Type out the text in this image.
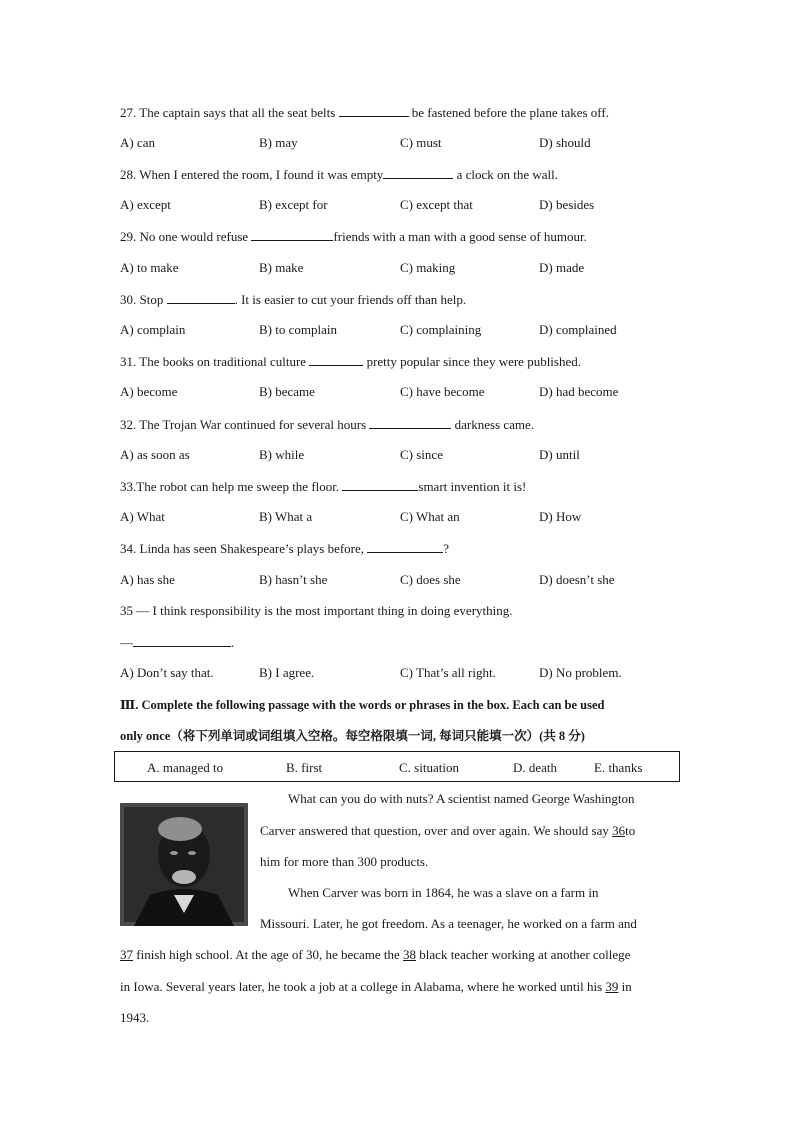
27. The captain says that all the seat belts	be fastened before the plane takes off.
A) can	B) may	C) must	D) should
28. When I entered the room, I found it was empty	a clock on the wall.
A) except	B) except for	C) except that	D) besides
29. No one would refuse	friends with a man with a good sense of humour.
A) to make	B) make	C) making	D) made
30. Stop	. It is easier to cut your friends off than help.
A) complain	B) to complain	C) complaining	D) complained
31. The books on traditional culture	pretty popular since they were published.
A) become	B) became	C) have become	D) had become
32. The Trojan War continued for several hours	darkness came.
A) as soon as	B) while	C) since	D) until
33.The robot can help me sweep the floor.	smart invention it is!
A) What	B) What a	C) What an	D) How
34. Linda has seen Shakespeare’s plays before,	?
A) has she	B) hasn’t she	C) does she	D) doesn’t she
35 — I think responsibility is the most important thing in doing everything.
—	.
A) Don’t say that.	B) I agree.	C) That’s all right.	D) No problem.
Ⅲ. Complete the following passage with the words or phrases in the box. Each can be used
only once（将下列单词或词组填入空格。每空格限填一词, 每词只能填一次）(共 8 分)
A. managed to	B. first	C. situation	D. death	E. thanks
What can you do with nuts? A scientist named George Washington
Carver answered that question, over and over again. We should say 36to
him for more than 300 products.
When Carver was born in 1864, he was a slave on a farm in
Missouri. Later, he got freedom. As a teenager, he worked on a farm and
37 finish high school. At the age of 30, he became the 38 black teacher working at another college
in Iowa. Several years later, he took a job at a college in Alabama, where he worked until his 39 in
1943.
